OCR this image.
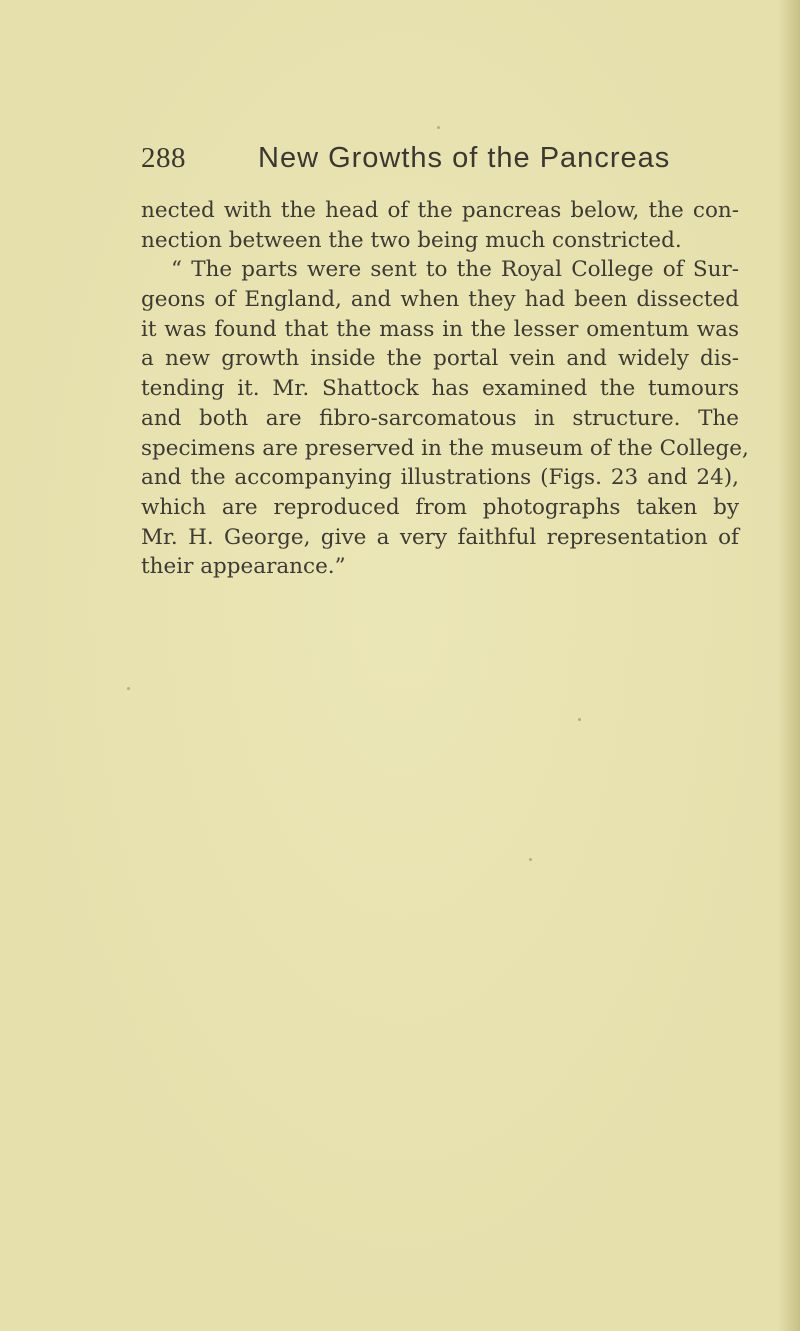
288 New Growths of the Pancreas
nected with the head of the pancreas below, the con-
nection between the two being much constricted.
“ The parts were sent to the Royal College of Sur-
geons of England, and when they had been dissected
it was found that the mass in the lesser omentum was
a new growth inside the portal vein and widely dis-
tending it. Mr. Shattock has examined the tumours
and both are fibro-sarcomatous in structure. The
specimens are preserved in the museum of the College,
and the accompanying illustrations (Figs. 23 and 24),
which are reproduced from photographs taken by
Mr. H. George, give a very faithful representation of
their appearance.”
